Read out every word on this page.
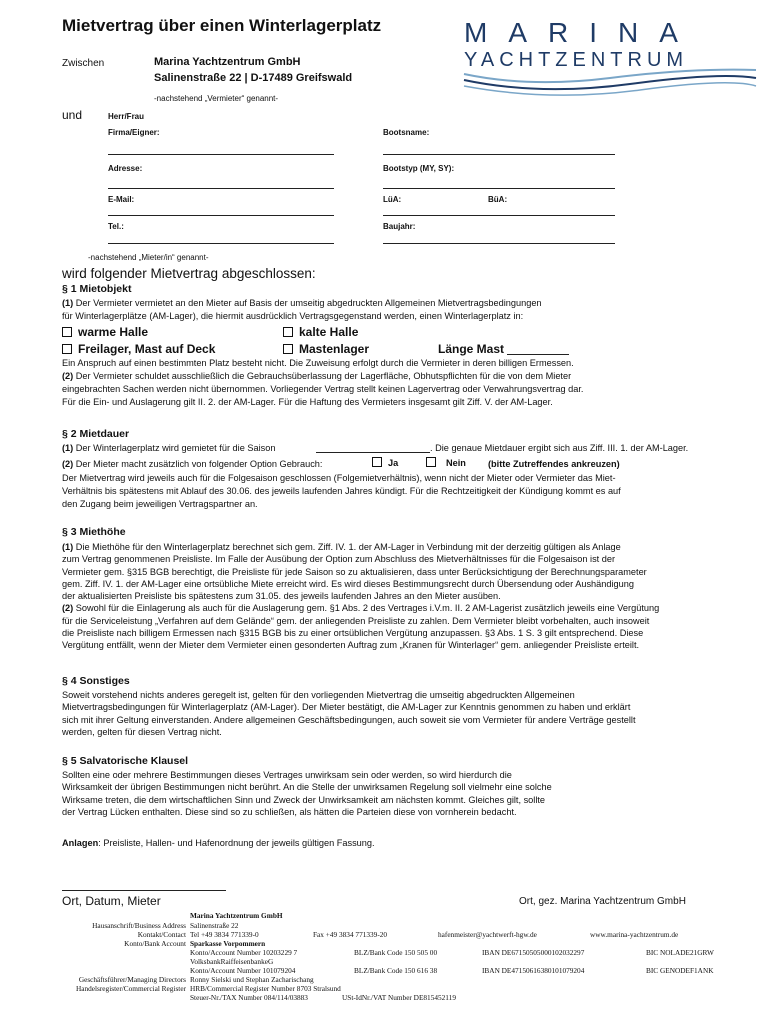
Mietvertrag über einen Winterlagerplatz	MARINA
YACHTZENTRUM
Zwischen	Marina Yachtzentrum GmbH
Salinenstraße 22 | D-17489 Greifswald
-nachstehend „Vermieter“ genannt-
und	Herr/Frau
Firma/Eigner:
Adresse:
E-Mail:
Tel.:
Bootsname:
Bootstyp (MY, SY):
LüA:	BüA:
Baujahr:
-nachstehend „Mieter/in“ genannt-
wird folgender Mietvertrag abgeschlossen:
§ 1 Mietobjekt
(1) Der Vermieter vermietet an den Mieter auf Basis der umseitig abgedruckten Allgemeinen Mietvertragsbedingungen
für Winterlagerplätze (AM-Lager), die hiermit ausdrücklich Vertragsgegenstand werden, einen Winterlagerplatz in:
warme Halle	kalte Halle
Freilager, Mast auf Deck	Mastenlager	Länge Mast
Ein Anspruch auf einen bestimmten Platz besteht nicht. Die Zuweisung erfolgt durch die Vermieter in deren billigen Ermessen.
(2) Der Vermieter schuldet ausschließlich die Gebrauchsüberlassung der Lagerfläche, Obhutspflichten für die von dem Mieter
eingebrachten Sachen werden nicht übernommen. Vorliegender Vertrag stellt keinen Lagervertrag oder Verwahrungsvertrag dar.
Für die Ein- und Auslagerung gilt II. 2. der AM-Lager. Für die Haftung des Vermieters insgesamt gilt Ziff. V. der AM-Lager.
§ 2 Mietdauer
(1) Der Winterlagerplatz wird gemietet für die Saison	. Die genaue Mietdauer ergibt sich aus Ziff. III. 1. der AM-Lager.
(2) Der Mieter macht zusätzlich von folgender Option Gebrauch:	Ja	Nein (bitte Zutreffendes ankreuzen)
Der Mietvertrag wird jeweils auch für die Folgesaison geschlossen (Folgemietverhältnis), wenn nicht der Mieter oder Vermieter das Miet-
Verhältnis bis spätestens mit Ablauf des 30.06. des jeweils laufenden Jahres kündigt. Für die Rechtzeitigkeit der Kündigung kommt es auf
den Zugang beim jeweiligen Vertragspartner an.
§ 3 Miethöhe
(1) Die Miethöhe für den Winterlagerplatz berechnet sich gem. Ziff. IV. 1. der AM-Lager in Verbindung mit der derzeitig gültigen als Anlage
zum Vertrag genommenen Preisliste. Im Falle der Ausübung der Option zum Abschluss des Mietverhältnisses für die Folgesaison ist der
Vermieter gem. §315 BGB berechtigt, die Preisliste für jede Saison so zu aktualisieren, dass unter Berücksichtigung der Berechnungsparameter
gem. Ziff. IV. 1. der AM-Lager eine ortsübliche Miete erreicht wird. Es wird dieses Bestimmungsrecht durch Übersendung oder Aushändigung
der aktualisierten Preisliste bis spätestens zum 31.05. des jeweils laufenden Jahres an den Mieter ausüben.
(2) Sowohl für die Einlagerung als auch für die Auslagerung gem. §1 Abs. 2 des Vertrages i.V.m. II. 2 AM-Lagerist zusätzlich jeweils eine Vergütung
für die Serviceleistung „Verfahren auf dem Gelände“ gem. der anliegenden Preisliste zu zahlen. Dem Vermieter bleibt vorbehalten, auch insoweit
die Preisliste nach billigem Ermessen nach §315 BGB bis zu einer ortsüblichen Vergütung anzupassen. §3 Abs. 1 S. 3 gilt entsprechend. Diese
Vergütung entfällt, wenn der Mieter dem Vermieter einen gesonderten Auftrag zum „Kranen für Winterlager“ gem. anliegender Preisliste erteilt.
§ 4 Sonstiges
Soweit vorstehend nichts anderes geregelt ist, gelten für den vorliegenden Mietvertrag die umseitig abgedruckten Allgemeinen
Mietvertragsbedingungen für Winterlagerplatz (AM-Lager). Der Mieter bestätigt, die AM-Lager zur Kenntnis genommen zu haben und erklärt
sich mit ihrer Geltung einverstanden. Andere allgemeinen Geschäftsbedingungen, auch soweit sie vom Vermieter für andere Verträge gestellt
werden, gelten für diesen Vertrag nicht.
§ 5 Salvatorische Klausel
Sollten eine oder mehrere Bestimmungen dieses Vertrages unwirksam sein oder werden, so wird hierdurch die
Wirksamkeit der übrigen Bestimmungen nicht berührt. An die Stelle der unwirksamen Regelung soll vielmehr eine solche
Wirksame treten, die dem wirtschaftlichen Sinn und Zweck der Unwirksamkeit am nächsten kommt. Gleiches gilt, sollte
der Vertrag Lücken enthalten. Diese sind so zu schließen, als hätten die Parteien diese von vornherein bedacht.
Anlagen: Preisliste, Hallen- und Hafenordnung der jeweils gültigen Fassung.
Ort, Datum, Mieter	Ort, gez. Marina Yachtzentrum GmbH
Marina Yachtzentrum GmbH
Hausanschrift/Business Address Salinenstraße 22
Kontakt/Contact Tel +49 3834 771339-0	Fax +49 3834 771339-20	hafenmeister@yachtwerft-hgw.de	www.marina-yachtzentrum.de
Konto/Bank Account Sparkasse Vorpommern
Konto/Account Number 10203229 7	BLZ/Bank Code 150 505 00	IBAN DE67150505000102032297	BIC NOLADE21GRW
VolksbankRaiffeisenbankeG
Konto/Account Number 101079204	BLZ/Bank Code 150 616 38	IBAN DE47150616380101079204	BIC GENODEF1ANK
Geschäftsführer/Managing Directors Ronny Sielski und Stephan Zacharischang
Handelsregister/Commercial Register HRB/Commercial Register Number 8703 Stralsund
Steuer-Nr./TAX Number 084/114/03883	USt-IdNr./VAT Number DE815452119
